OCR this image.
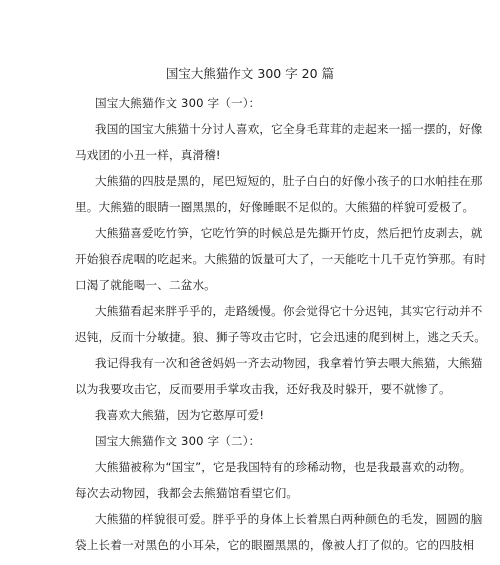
国宝大熊猫作文 300 字 20 篇
国宝大熊猫作文 300 字（一）：
我国的国宝大熊猫十分讨人喜欢，它全身毛茸茸的走起来一摇一摆的，好像
马戏团的小丑一样，真滑稽!
大熊猫的四肢是黑的，尾巴短短的，肚子白白的好像小孩子的口水帕挂在那
里。大熊猫的眼睛一圈黑黑的，好像睡眠不足似的。大熊猫的样貌可爱极了。
大熊猫喜爱吃竹笋，它吃竹笋的时候总是先撕开竹皮，然后把竹皮剥去，就
开始狼吞虎咽的吃起来。大熊猫的饭量可大了，一天能吃十几千克竹笋那。有时
口渴了就能喝一、二盆水。
大熊猫看起来胖乎乎的，走路缓慢。你会觉得它十分迟钝，其实它行动并不
迟钝，反而十分敏捷。狼、狮子等攻击它时，它会迅速的爬到树上，逃之夭夭。
我记得我有一次和爸爸妈妈一齐去动物园，我拿着竹笋去喂大熊猫，大熊猫
以为我要攻击它，反而要用手掌攻击我，还好我及时躲开，要不就惨了。
我喜欢大熊猫，因为它憨厚可爱!
国宝大熊猫作文 300 字（二）：
大熊猫被称为“国宝”，它是我国特有的珍稀动物，也是我最喜欢的动物。
每次去动物园，我都会去熊猫馆看望它们。
大熊猫的样貌很可爱。胖乎乎的身体上长着黑白两种颜色的毛发，圆圆的脑
袋上长着一对黑色的小耳朵，它的眼圈黑黑的，像被人打了似的。它的四肢相
